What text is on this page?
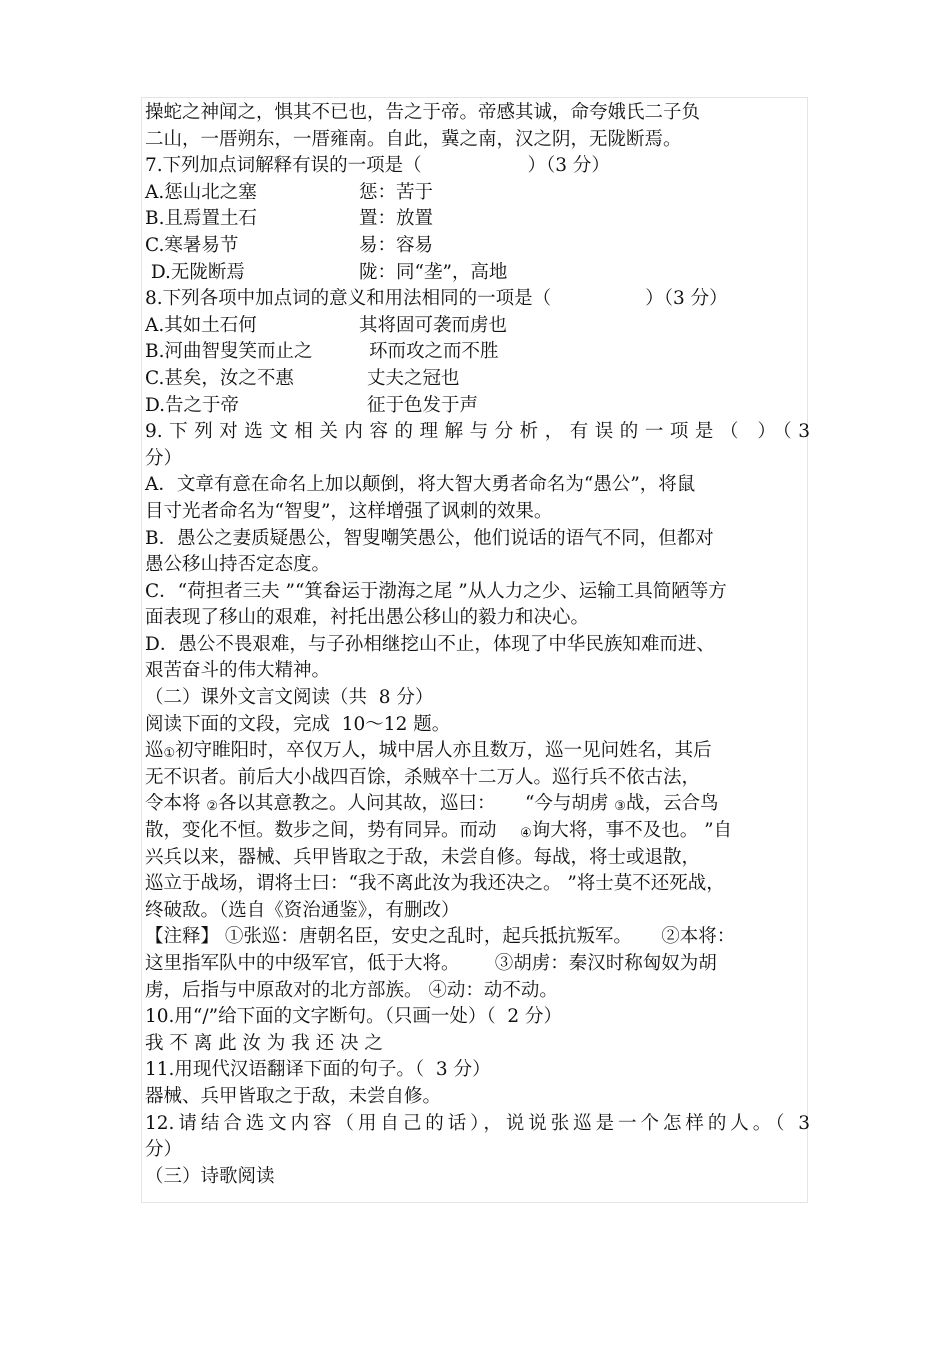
操蛇之神闻之，惧其不已也，告之于帝。帝感其诚，命夸娥氏二子负
二山，一厝朔东，一厝雍南。自此，冀之南，汉之阴，无陇断焉。
7.下列加点词解释有误的一项是（                  ）（3 分）
A.惩山北之塞	惩：苦于
B.且焉置土石	置：放置
C.寒暑易节	易：容易
D.无陇断焉	陇：同“垄”，高地
8.下列各项中加点词的意义和用法相同的一项是（                ）（3 分）
A.其如土石何	其将固可袭而虏也
B.河曲智叟笑而止之	环而攻之而不胜
C.甚矣，汝之不惠	丈夫之冠也
D.告之于帝	征于色发于声
9.下列对选文相关内容的理解与分析，有误的一项是（ ）（3
分）
A．文章有意在命名上加以颠倒，将大智大勇者命名为“愚公”，将鼠
目寸光者命名为“智叟”，这样增强了讽刺的效果。
B．愚公之妻质疑愚公，智叟嘲笑愚公，他们说话的语气不同，但都对
愚公移山持否定态度。
C．“荷担者三夫 ”“箕畚运于渤海之尾 ”从人力之少、运输工具简陋等方
面表现了移山的艰难，衬托出愚公移山的毅力和决心。
D．愚公不畏艰难，与子孙相继挖山不止，体现了中华民族知难而进、
艰苦奋斗的伟大精神。
（二）课外文言文阅读（共  8 分）
阅读下面的文段，完成  10～12 题。
巡①初守睢阳时，卒仅万人，城中居人亦且数万，巡一见问姓名，其后
无不识者。前后大小战四百馀，杀贼卒十二万人。巡行兵不依古法，
令本将 ②各以其意教之。人问其故，巡曰：     “今与胡虏 ③战，云合鸟
散，变化不恒。数步之间，势有同异。而动    ④询大将，事不及也。 ”自
兴兵以来，器械、兵甲皆取之于敌，未尝自修。每战，将士或退散，
巡立于战场，谓将士曰：“我不离此汝为我还决之。 ”将士莫不还死战，
终破敌。（选自《资治通鉴》，有删改）
【注释】 ①张巡：唐朝名臣，安史之乱时，起兵抵抗叛军。     ②本将：
这里指军队中的中级军官，低于大将。      ③胡虏：秦汉时称匈奴为胡
虏，后指与中原敌对的北方部族。 ④动：动不动。
10.用“/”给下面的文字断句。（只画一处）（  2 分）
我 不 离 此 汝 为 我 还 决 之
11.用现代汉语翻译下面的句子。（  3 分）
器械、兵甲皆取之于敌，未尝自修。
12.请结合选文内容（用自己的话），说说张巡是一个怎样的人。（ 3
分）
（三）诗歌阅读
